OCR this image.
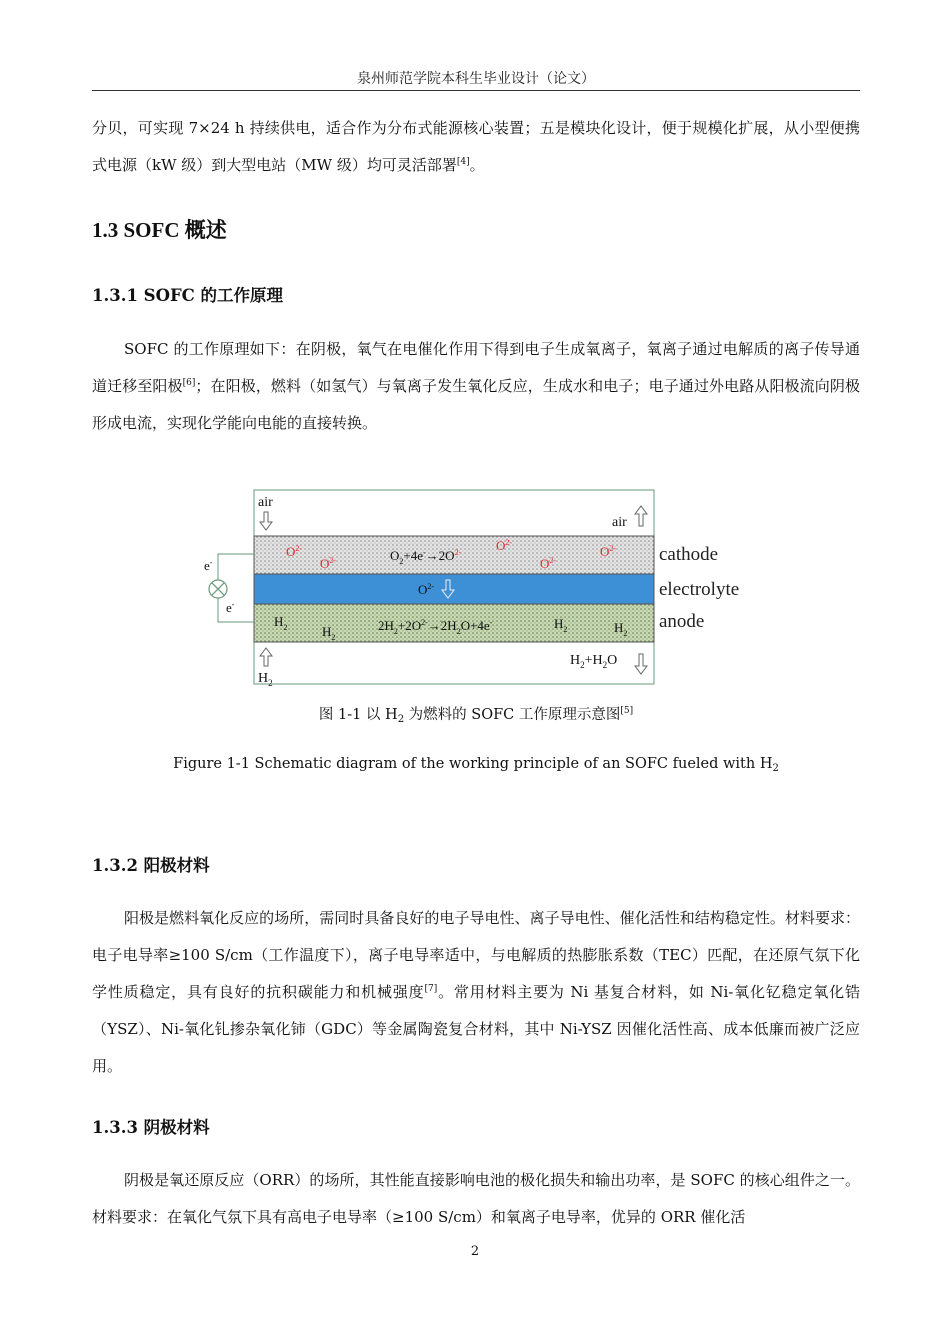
泉州师范学院本科生毕业设计（论文）

分贝，可实现 7×24 h 持续供电，适合作为分布式能源核心装置；五是模块化设计，便于规模化扩展，从小型便携式电源（kW 级）到大型电站（MW 级）均可灵活部署[4]。

1.3 SOFC 概述
1.3.1 SOFC 的工作原理

SOFC 的工作原理如下：在阴极，氧气在电催化作用下得到电子生成氧离子，氧离子通过电解质的离子传导通道迁移至阳极[6]；在阳极，燃料（如氢气）与氧离子发生氧化反应，生成水和电子；电子通过外电路从阳极流向阴极形成电流，实现化学能向电能的直接转换。

air
air
$O^{2-}$
$O^{2-}$	$O_2+4e^-\to 2O^{2-}$	$O^{2-}$
$O^{2-}$
$O^{2-}$
$O^{2-}$
$H_2$	$H_2$
$2H_2+2O^{2-}\to 2H_2O+4e^-$	$H_2$	$H_2$
$H_2$
$H_2+H_2O$
e-
e-
cathode
electrolyte
anode

图 1-1 以 $H_2$ 为燃料的 SOFC 工作原理示意图[5]

Figure 1-1 Schematic diagram of the working principle of an SOFC fueled with $H_2$

1.3.2 阳极材料

阳极是燃料氧化反应的场所，需同时具备良好的电子导电性、离子导电性、催化活性和结构稳定性。材料要求：电子电导率≥100 S/cm（工作温度下），离子电导率适中，与电解质的热膨胀系数（TEC）匹配，在还原气氛下化学性质稳定，具有良好的抗积碳能力和机械强度[7]。常用材料主要为 Ni 基复合材料，如 Ni-氧化钇稳定氧化锆（YSZ）、Ni-氧化钆掺杂氧化铈（GDC）等金属陶瓷复合材料，其中 Ni-YSZ 因催化活性高、成本低廉而被广泛应用。

1.3.3 阴极材料

阴极是氧还原反应（ORR）的场所，其性能直接影响电池的极化损失和输出功率，是 SOFC 的核心组件之一。材料要求：在氧化气氛下具有高电子电导率（≥100 S/cm）和氧离子电导率，优异的 ORR 催化活

2
